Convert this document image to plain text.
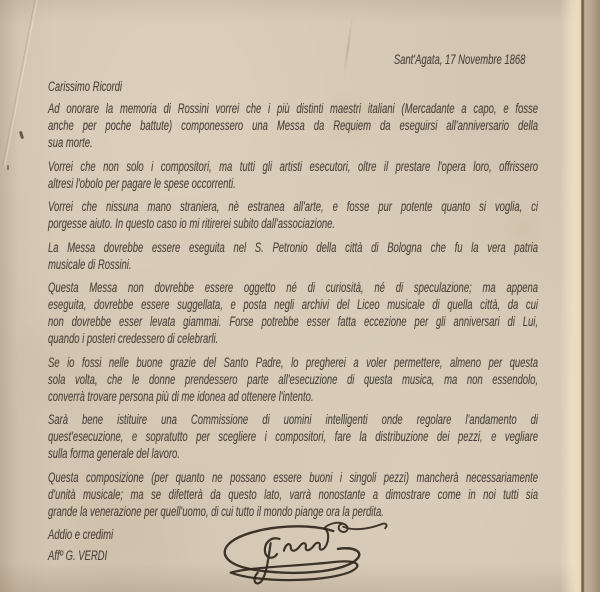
Sant'Agata, 17 Novembre 1868
Carissimo Ricordi
Ad onorare la memoria di Rossini vorrei che i più distinti maestri italiani (Mercadante a capo, e fosse
anche per poche battute) componessero una Messa da Requiem da eseguirsi all'anniversario della
sua morte.
Vorrei che non solo i compositori, ma tutti gli artisti esecutori, oltre il prestare l'opera loro, offrissero
altresi l'obolo per pagare le spese occorrenti.
Vorrei che nissuna mano straniera, nè estranea all'arte, e fosse pur potente quanto si voglia, ci
porgesse aiuto. In questo caso io mi ritirerei subito dall'associazione.
La Messa dovrebbe essere eseguita nel S. Petronio della città di Bologna che fu la vera patria
musicale di Rossini.
Questa Messa non dovrebbe essere oggetto né di curiosità, né di speculazione; ma appena
eseguita, dovrebbe essere suggellata, e posta negli archivi del Liceo musicale di quella città, da cui
non dovrebbe esser levata giammai. Forse potrebbe esser fatta eccezione per gli anniversari di Lui,
quando i posteri credessero di celebrarli.
Se io fossi nelle buone grazie del Santo Padre, lo pregherei a voler permettere, almeno per questa
sola volta, che le donne prendessero parte all'esecuzione di questa musica, ma non essendolo,
converrà trovare persona più di me idonea ad ottenere l'intento.
Sarà bene istituire una Commissione di uomini intelligenti onde regolare l'andamento di
quest'esecuzione, e sopratutto per scegliere i compositori, fare la distribuzione dei pezzi, e vegliare
sulla forma generale del lavoro.
Questa composizione (per quanto ne possano essere buoni i singoli pezzi) mancherà necessariamente
d'unità musicale; ma se difetterà da questo lato, varrà nonostante a dimostrare come in noi tutti sia
grande la venerazione per quell'uomo, di cui tutto il mondo piange ora la perdita.
Addio e credimi
Affº G. VERDI
